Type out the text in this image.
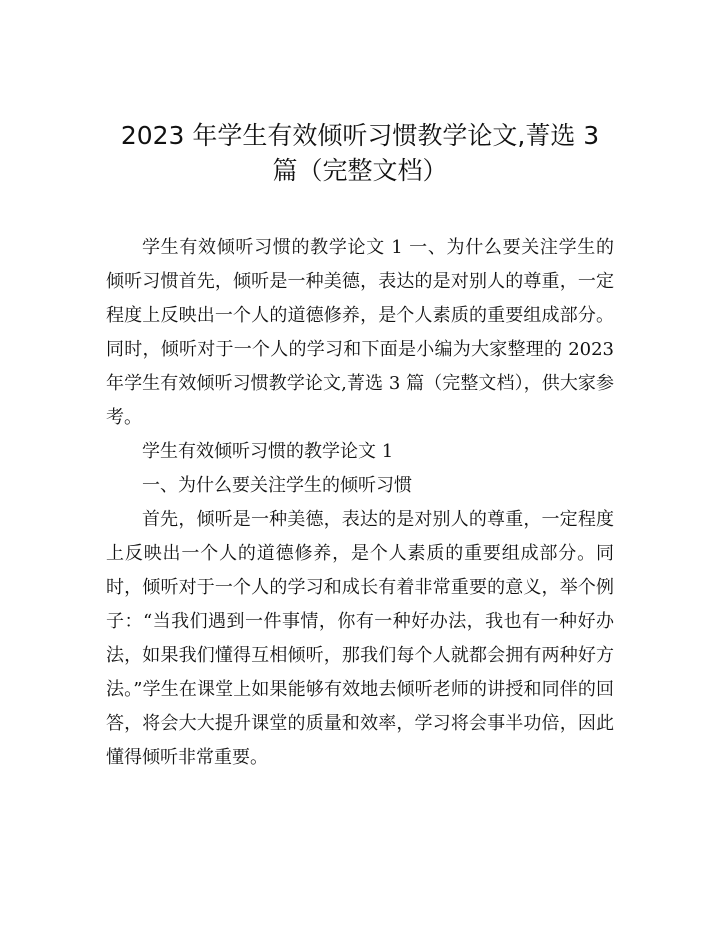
2023 年学生有效倾听习惯教学论文,菁选 3
篇（完整文档）

学生有效倾听习惯的教学论文 1 一、为什么要关注学生的倾听习惯首先，倾听是一种美德，表达的是对别人的尊重，一定程度上反映出一个人的道德修养，是个人素质的重要组成部分。同时，倾听对于一个人的学习和下面是小编为大家整理的 2023 年学生有效倾听习惯教学论文,菁选 3 篇（完整文档），供大家参考。

学生有效倾听习惯的教学论文 1

一、为什么要关注学生的倾听习惯

首先，倾听是一种美德，表达的是对别人的尊重，一定程度上反映出一个人的道德修养，是个人素质的重要组成部分。同时，倾听对于一个人的学习和成长有着非常重要的意义，举个例子：“当我们遇到一件事情，你有一种好办法，我也有一种好办法，如果我们懂得互相倾听，那我们每个人就都会拥有两种好方法。”学生在课堂上如果能够有效地去倾听老师的讲授和同伴的回答，将会大大提升课堂的质量和效率，学习将会事半功倍，因此懂得倾听非常重要。
